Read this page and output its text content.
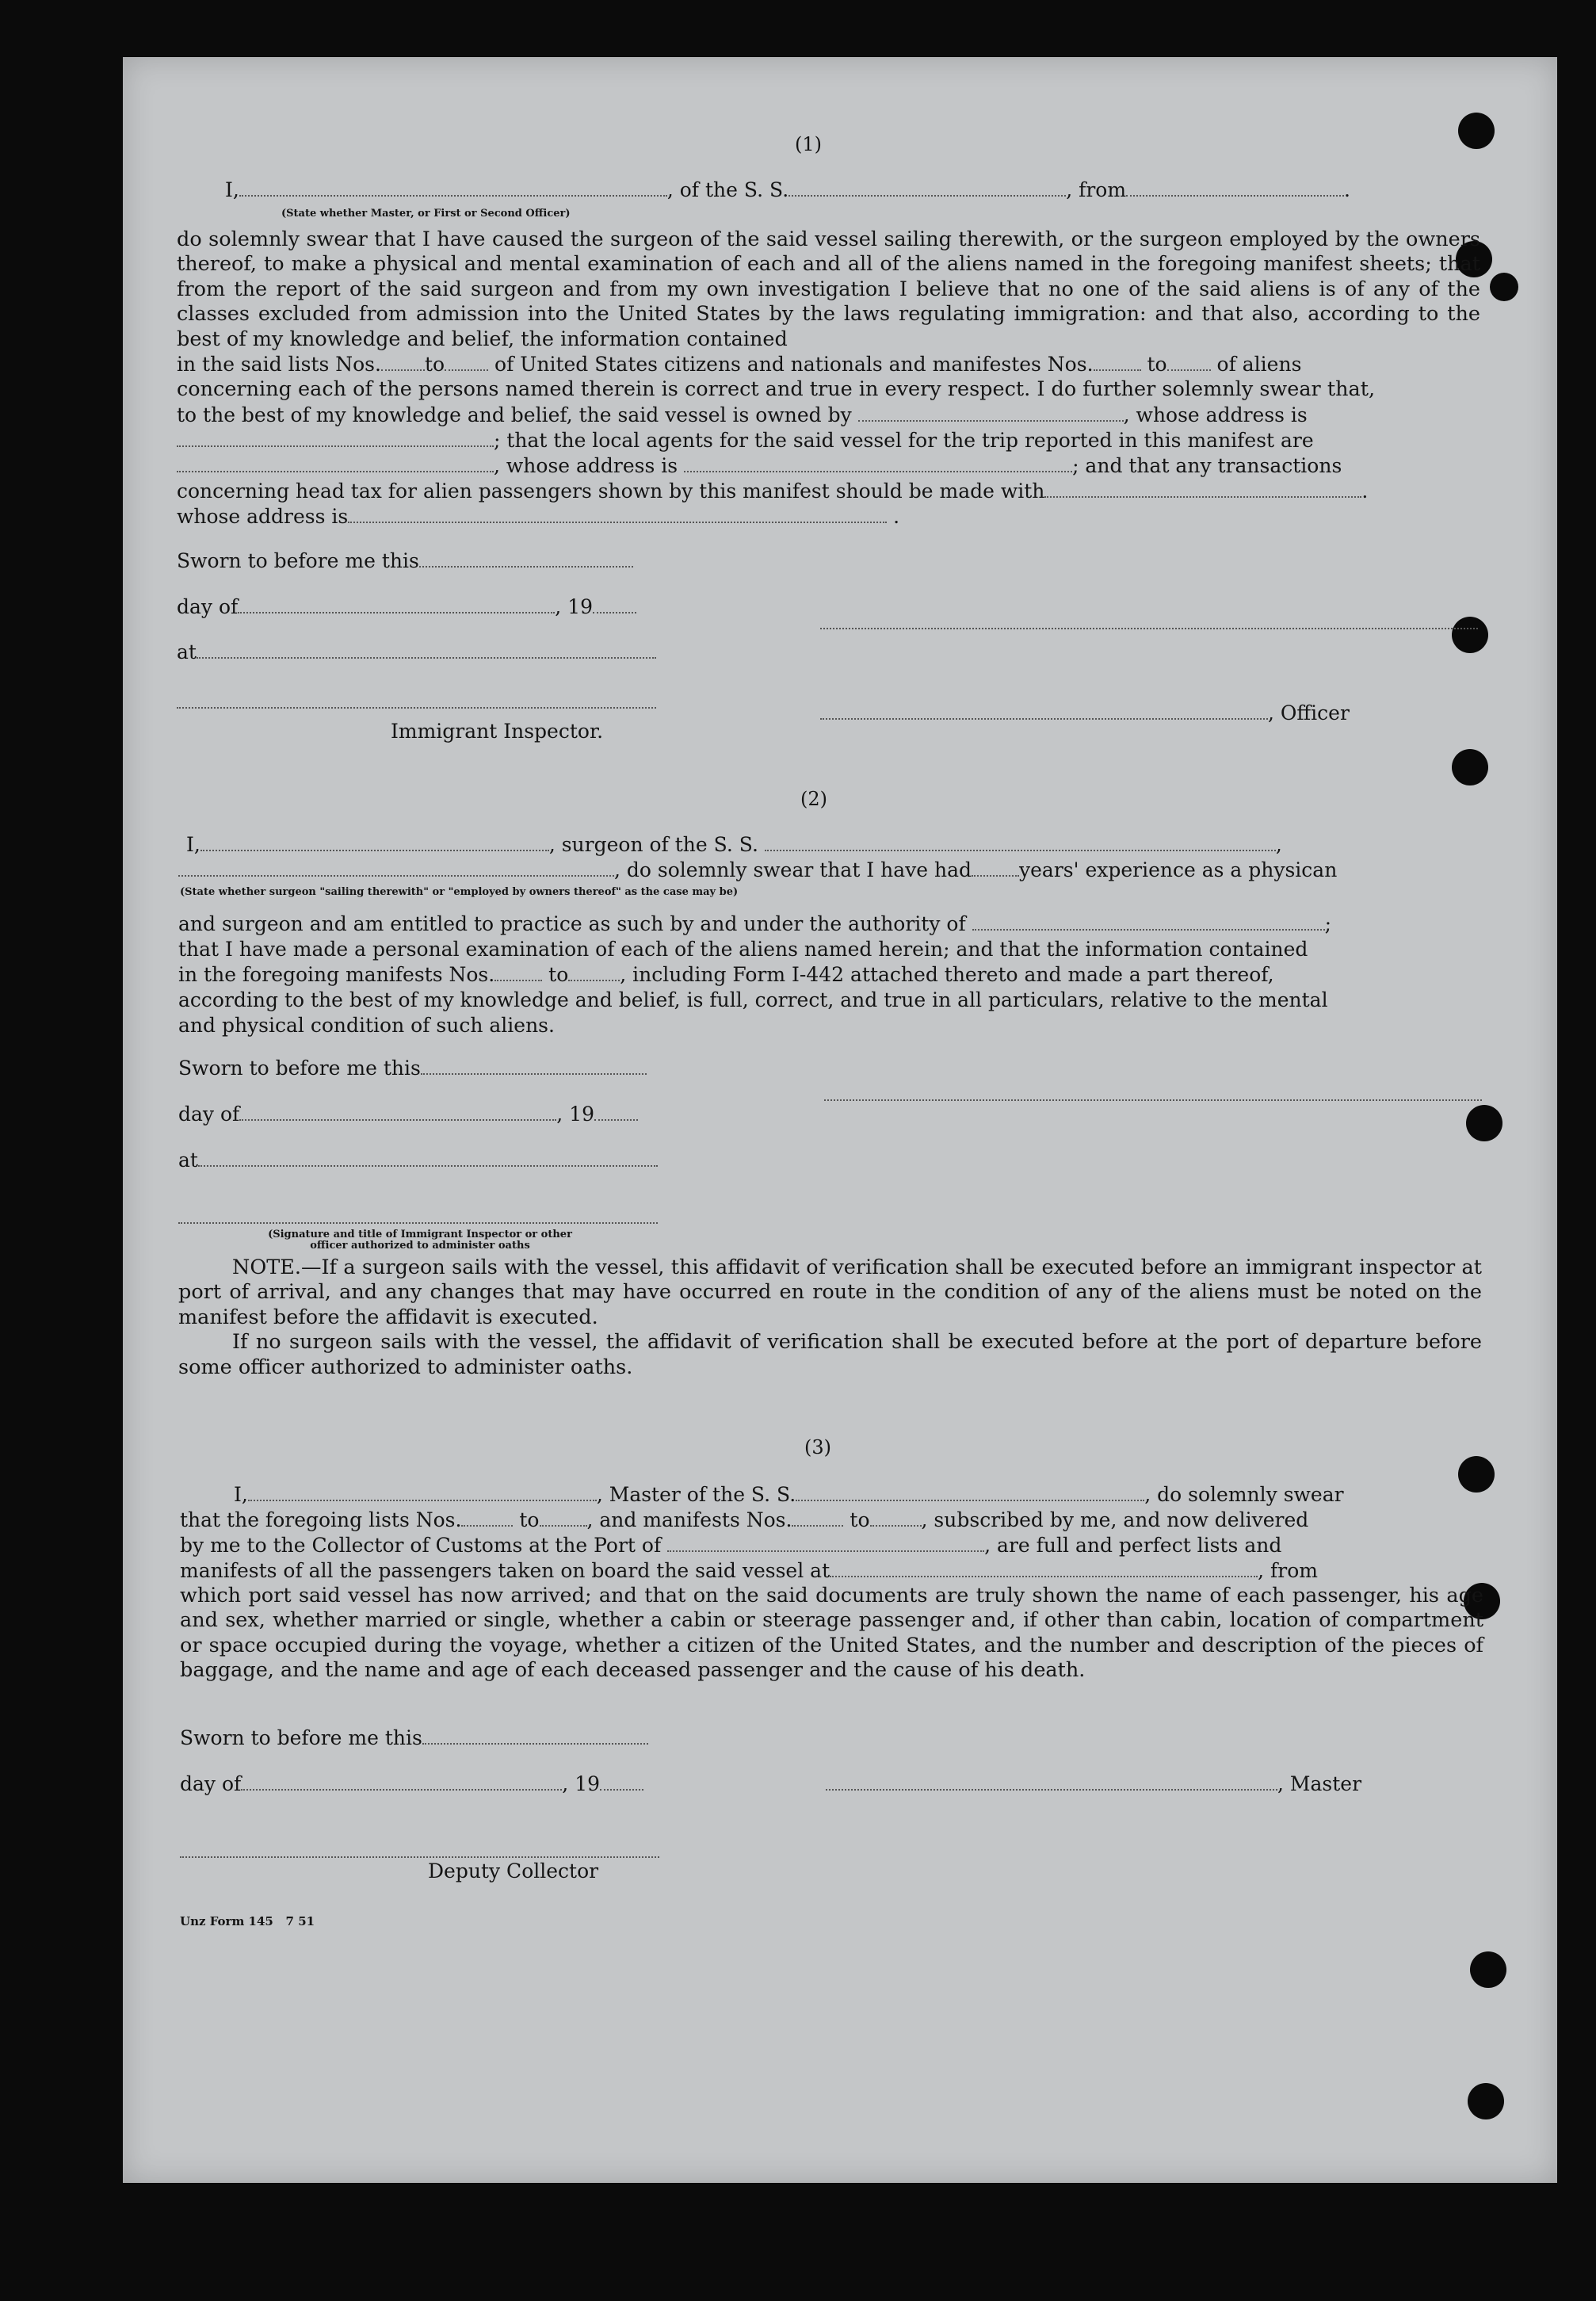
(1)
I,	, of the S. S.	, from	.
(State whether Master, or First or Second Officer)
do solemnly swear that I have caused the surgeon of the said vessel sailing therewith, or the surgeon employed by the owners thereof, to make a physical and mental examination of each and all of the aliens named in the foregoing manifest sheets; that from the report of the said surgeon and from my own investigation I believe that no one of the said aliens is of any of the classes excluded from admission into the United States by the laws regulating immigration: and that also, according to the best of my knowledge and belief, the information contained
in the said lists Nos. to	of United States citizens and nationals and manifestes Nos.	to	of aliens
concerning each of the persons named therein is correct and true in every respect. I do further solemnly swear that,
to the best of my knowledge and belief, the said vessel is owned by	, whose address is
; that the local agents for the said vessel for the trip reported in this manifest are
, whose address is	; and that any transactions
concerning head tax for alien passengers shown by this manifest should be made with	.
whose address is	.
Sworn to before me this
day of	, 19
at
, Officer
Immigrant Inspector.
(2)
I,	, surgeon of the S. S.	,
, do solemnly swear that I have had years' experience as a physican
(State whether surgeon "sailing therewith" or "employed by owners thereof" as the case may be)
and surgeon and am entitled to practice as such by and under the authority of	;
that I have made a personal examination of each of the aliens named herein; and that the information contained
in the foregoing manifests Nos.	to	, including Form I-442 attached thereto and made a part thereof,
according to the best of my knowledge and belief, is full, correct, and true in all particulars, relative to the mental
and physical condition of such aliens.
Sworn to before me this
day of	, 19
at
(Signature and title of Immigrant Inspector or other
officer authorized to administer oaths

NOTE.—If a surgeon sails with the vessel, this affidavit of verification shall be executed before an immigrant inspector at port of arrival, and any changes that may have occurred en route in the condition of any of the aliens must be noted on the manifest before the affidavit is executed.

If no surgeon sails with the vessel, the affidavit of verification shall be executed before at the port of departure before some officer authorized to administer oaths.

(3)
I,	, Master of the S. S.	, do solemnly swear
that the foregoing lists Nos.	to , and manifests Nos.	to	, subscribed by me, and now delivered
by me to the Collector of Customs at the Port of	, are full and perfect lists and
manifests of all the passengers taken on board the said vessel at	, from
which port said vessel has now arrived; and that on the said documents are truly shown the name of each passenger, his age and sex, whether married or single, whether a cabin or steerage passenger and, if other than cabin, location of compartment or space occupied during the voyage, whether a citizen of the United States, and the number and description of the pieces of baggage, and the name and age of each deceased passenger and the cause of his death.
Sworn to before me this
day of	, 19	, Master
Deputy Collector
Unz Form 145   7 51
